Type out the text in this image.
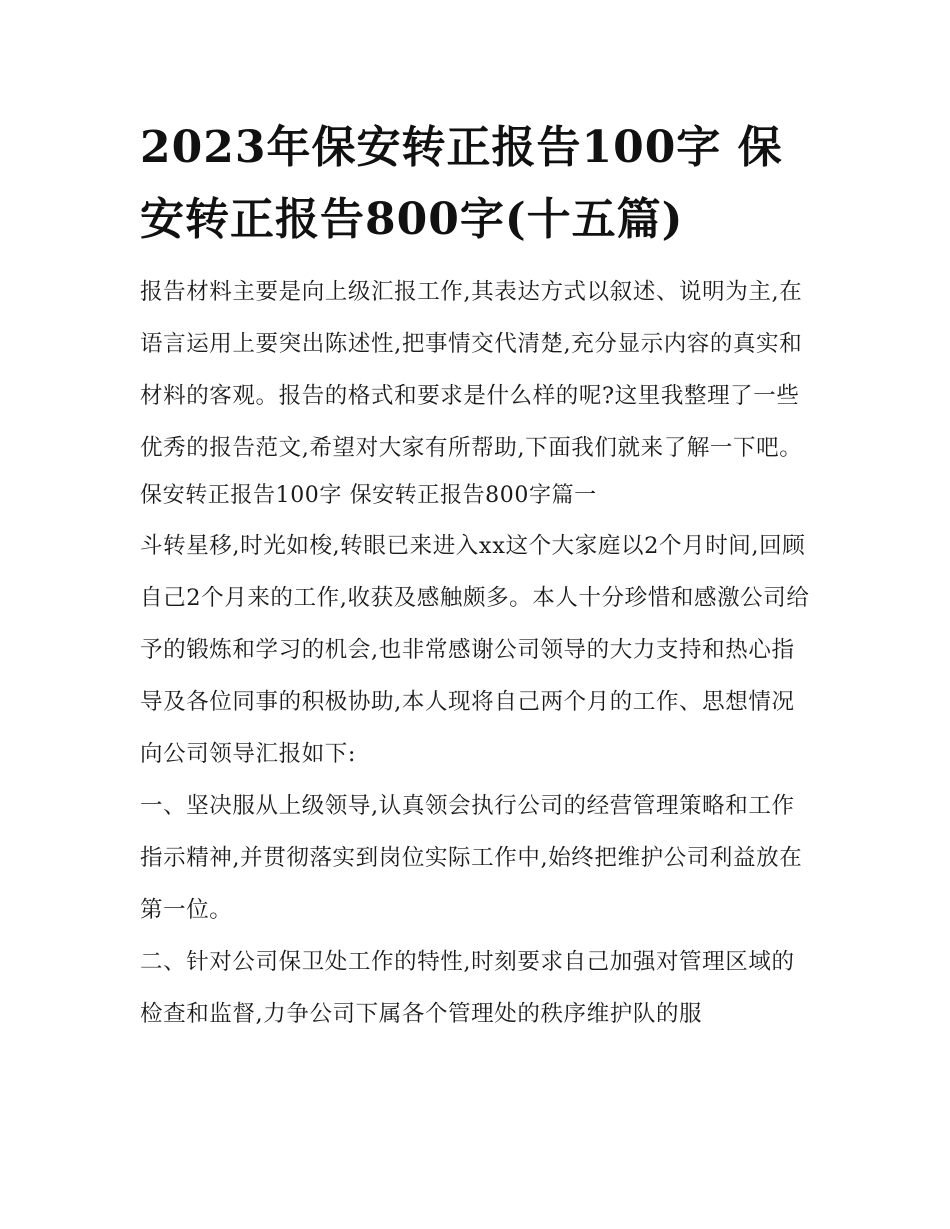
2023年保安转正报告100字 保安转正报告800字(十五篇)

报告材料主要是向上级汇报工作,其表达方式以叙述、说明为主,在语言运用上要突出陈述性,把事情交代清楚,充分显示内容的真实和材料的客观。报告的格式和要求是什么样的呢?这里我整理了一些优秀的报告范文,希望对大家有所帮助,下面我们就来了解一下吧。

保安转正报告100字 保安转正报告800字篇一

斗转星移,时光如梭,转眼已来进入xx这个大家庭以2个月时间,回顾自己2个月来的工作,收获及感触颇多。本人十分珍惜和感激公司给予的锻炼和学习的机会,也非常感谢公司领导的大力支持和热心指导及各位同事的积极协助,本人现将自己两个月的工作、思想情况向公司领导汇报如下:

一、坚决服从上级领导,认真领会执行公司的经营管理策略和工作指示精神,并贯彻落实到岗位实际工作中,始终把维护公司利益放在第一位。

二、针对公司保卫处工作的特性,时刻要求自己加强对管理区域的检查和监督,力争公司下属各个管理处的秩序维护队的服
